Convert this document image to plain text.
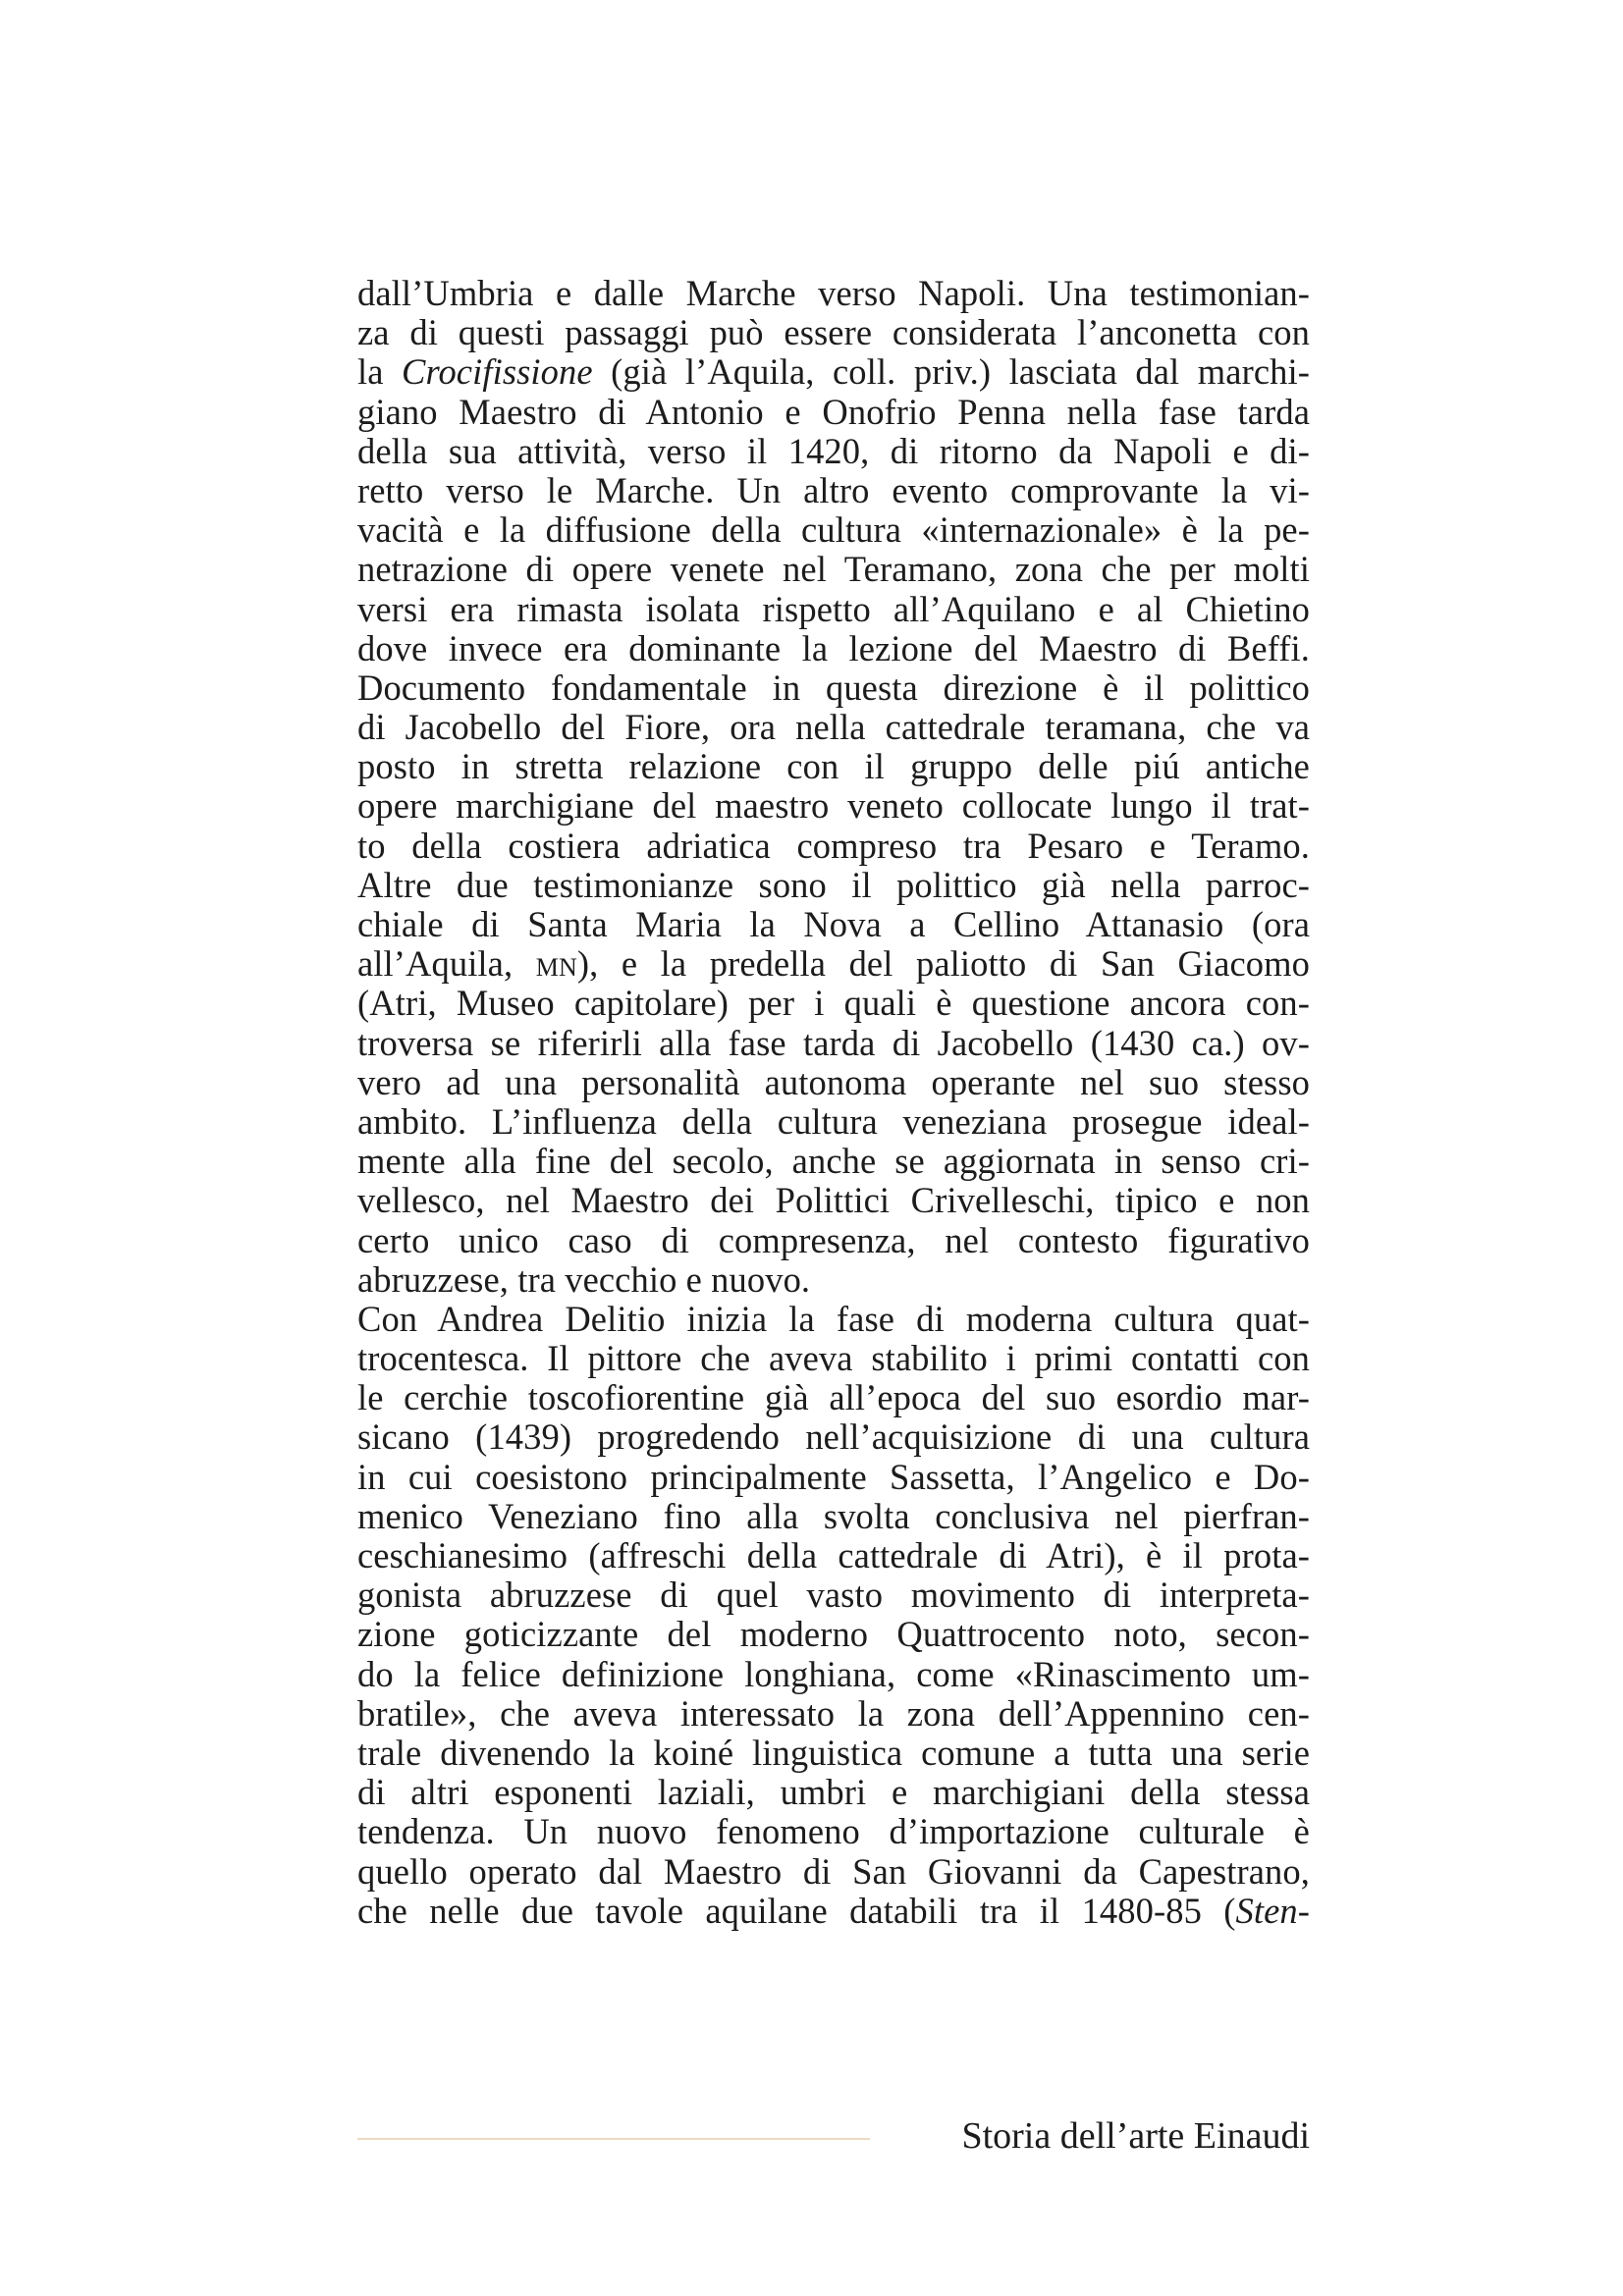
dall’Umbria e dalle Marche verso Napoli. Una testimonian-
za di questi passaggi può essere considerata l’anconetta con
la Crocifissione (già l’Aquila, coll. priv.) lasciata dal marchi-
giano Maestro di Antonio e Onofrio Penna nella fase tarda
della sua attività, verso il 1420, di ritorno da Napoli e di-
retto verso le Marche. Un altro evento comprovante la vi-
vacità e la diffusione della cultura «internazionale» è la pe-
netrazione di opere venete nel Teramano, zona che per molti
versi era rimasta isolata rispetto all’Aquilano e al Chietino
dove invece era dominante la lezione del Maestro di Beffi.
Documento fondamentale in questa direzione è il polittico
di Jacobello del Fiore, ora nella cattedrale teramana, che va
posto in stretta relazione con il gruppo delle piú antiche
opere marchigiane del maestro veneto collocate lungo il trat-
to della costiera adriatica compreso tra Pesaro e Teramo.
Altre due testimonianze sono il polittico già nella parroc-
chiale di Santa Maria la Nova a Cellino Attanasio (ora
all’Aquila, mn), e la predella del paliotto di San Giacomo
(Atri, Museo capitolare) per i quali è questione ancora con-
troversa se riferirli alla fase tarda di Jacobello (1430 ca.) ov-
vero ad una personalità autonoma operante nel suo stesso
ambito. L’influenza della cultura veneziana prosegue ideal-
mente alla fine del secolo, anche se aggiornata in senso cri-
vellesco, nel Maestro dei Polittici Crivelleschi, tipico e non
certo unico caso di compresenza, nel contesto figurativo
abruzzese, tra vecchio e nuovo.
Con Andrea Delitio inizia la fase di moderna cultura quat-
trocentesca. Il pittore che aveva stabilito i primi contatti con
le cerchie toscofiorentine già all’epoca del suo esordio mar-
sicano (1439) progredendo nell’acquisizione di una cultura
in cui coesistono principalmente Sassetta, l’Angelico e Do-
menico Veneziano fino alla svolta conclusiva nel pierfran-
ceschianesimo (affreschi della cattedrale di Atri), è il prota-
gonista abruzzese di quel vasto movimento di interpreta-
zione goticizzante del moderno Quattrocento noto, secon-
do la felice definizione longhiana, come «Rinascimento um-
bratile», che aveva interessato la zona dell’Appennino cen-
trale divenendo la koiné linguistica comune a tutta una serie
di altri esponenti laziali, umbri e marchigiani della stessa
tendenza. Un nuovo fenomeno d’importazione culturale è
quello operato dal Maestro di San Giovanni da Capestrano,
che nelle due tavole aquilane databili tra il 1480-85 (Sten-
Storia dell’arte Einaudi
